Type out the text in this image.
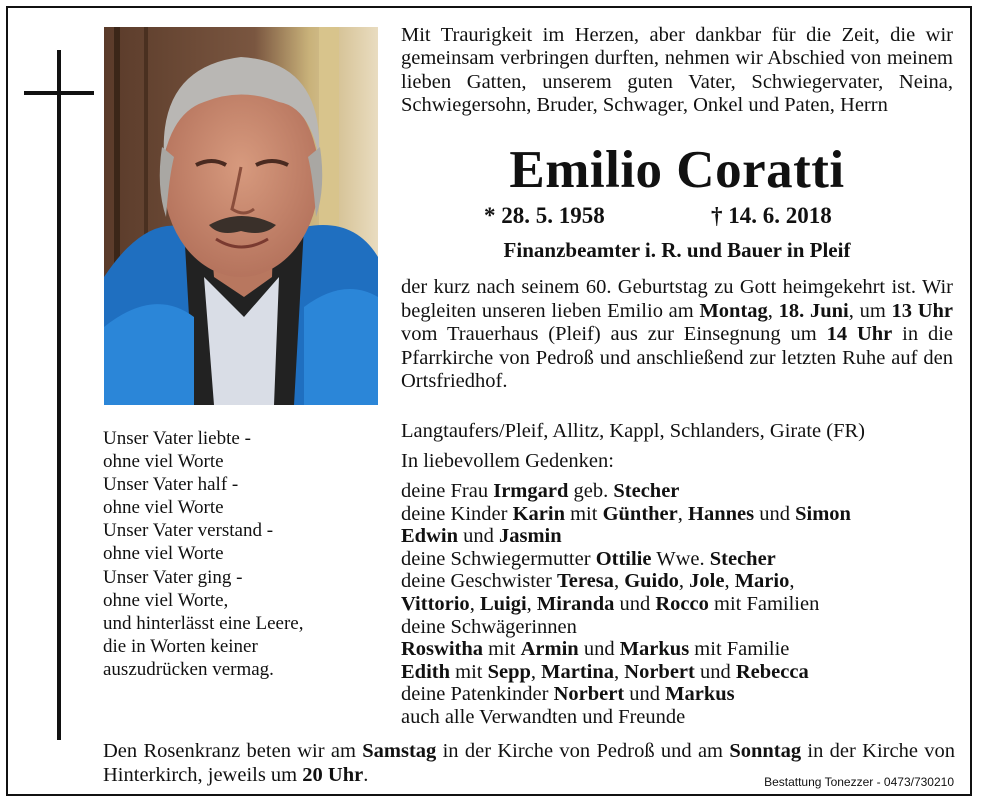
Unser Vater liebte -
ohne viel Worte
Unser Vater half -
ohne viel Worte
Unser Vater verstand -
ohne viel Worte
Unser Vater ging -
ohne viel Worte,
und hinterlässt eine Leere,
die in Worten keiner
auszudrücken vermag.
Mit Traurigkeit im Herzen, aber dankbar für die Zeit, die wir gemeinsam verbringen durften, nehmen wir Abschied von meinem lieben Gatten, unserem guten Vater, Schwiegervater, Neina, Schwiegersohn, Bruder, Schwager, Onkel und Paten, Herrn
Emilio Coratti
* 28. 5. 1958	† 14. 6. 2018
Finanzbeamter i. R. und Bauer in Pleif
der kurz nach seinem 60. Geburtstag zu Gott heimgekehrt ist. Wir begleiten unseren lieben Emilio am Montag, 18. Juni, um 13 Uhr vom Trauerhaus (Pleif) aus zur Einsegnung um 14 Uhr in die Pfarrkirche von Pedroß und anschließend zur letzten Ruhe auf den Ortsfriedhof.
Langtaufers/Pleif, Allitz, Kappl, Schlanders, Girate (FR)
In liebevollem Gedenken:
deine Frau Irmgard geb. Stecher
deine Kinder Karin mit Günther, Hannes und Simon
Edwin und Jasmin
deine Schwiegermutter Ottilie Wwe. Stecher
deine Geschwister Teresa, Guido, Jole, Mario,
Vittorio, Luigi, Miranda und Rocco mit Familien
deine Schwägerinnen
Roswitha mit Armin und Markus mit Familie
Edith mit Sepp, Martina, Norbert und Rebecca
deine Patenkinder Norbert und Markus
auch alle Verwandten und Freunde
Den Rosenkranz beten wir am Samstag in der Kirche von Pedroß und am Sonntag in der Kirche von Hinterkirch, jeweils um 20 Uhr.	Bestattung Tonezzer - 0473/730210
